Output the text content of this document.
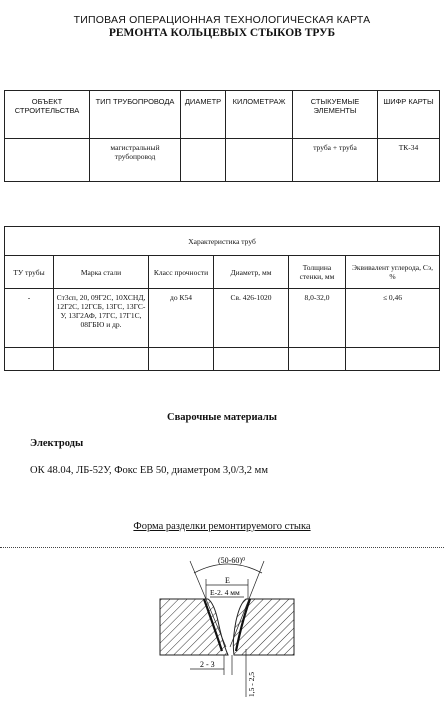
ТИПОВАЯ ОПЕРАЦИОННАЯ ТЕХНОЛОГИЧЕСКАЯ КАРТА
РЕМОНТА КОЛЬЦЕВЫХ СТЫКОВ ТРУБ
ОБЪЕКТ СТРОИТЕЛЬСТВА	ТИП ТРУБОПРОВОДА	ДИАМЕТР	КИЛОМЕТРАЖ	СТЫКУЕМЫЕ ЭЛЕМЕНТЫ	ШИФР КАРТЫ
	магистральный трубопровод			труба + труба	ТК-34
Характеристика труб					
ТУ трубы	Марка стали	Класс прочности	Диаметр, мм	Толщина стенки, мм	Эквивалент углерода, Сэ, %
-	Ст3сп, 20, 09Г2С, 10ХСНД, 12Г2С, 12ГСБ, 13ГС, 13ГС-У, 13Г2АФ, 17ГС, 17Г1С, 08ГБЮ и др.	до К54	Св. 426-1020	8,0-32,0	≤ 0,46

Сварочные материалы
Электроды
ОК 48.04, ЛБ-52У, Фокс ЕВ 50, диаметром 3,0/3,2 мм
Форма разделки ремонтируемого стыка
(50-60)⁰
Е
Е-2. 4 мм
2 - 3
1,5 - 2,5
